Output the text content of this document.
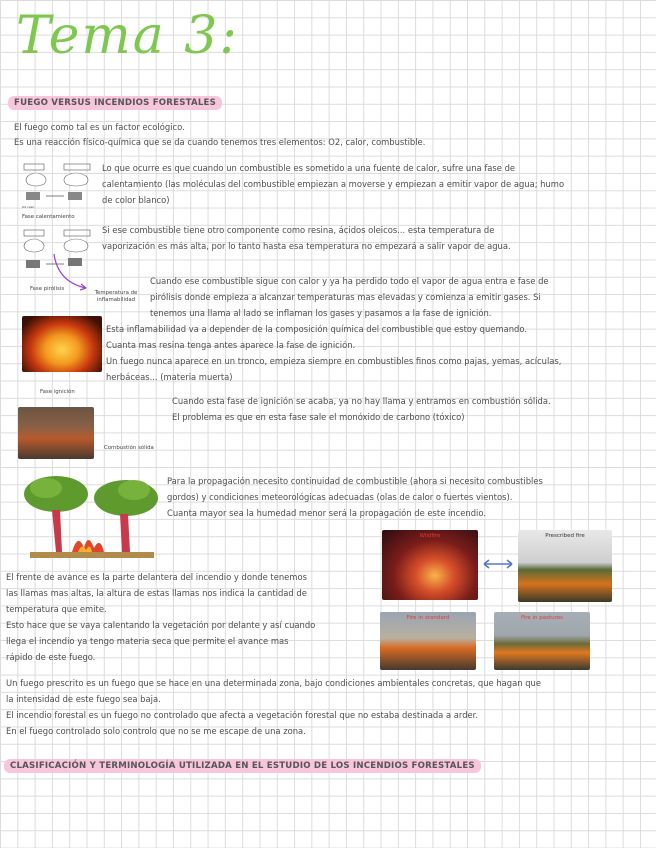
Tema 3:
FUEGO VERSUS INCENDIOS FORESTALES
El fuego como tal es un factor ecológico.
Es una reacción físico-química que se da cuando tenemos tres elementos: O2, calor, combustible.
O2 calor
Fase calentamiento
Lo que ocurre es que cuando un combustible es sometido a una fuente de calor, sufre una fase de
calentamiento (las moléculas del combustible empiezan a moverse y empiezan a emitir vapor de agua; humo
de color blanco)
Fase pirólisis
Temperatura de inflamabilidad
Si ese combustible tiene otro componente como resina, ácidos oleicos... esta temperatura de
vaporización es más alta, por lo tanto hasta esa temperatura no empezará a salir vapor de agua.
Cuando ese combustible sigue con calor y ya ha perdido todo el vapor de agua entra e fase de
pirólisis donde empieza a alcanzar temperaturas mas elevadas y comienza a emitir gases. Si
tenemos una llama al lado se inflaman los gases y pasamos a la fase de ignición.
Fase ignición
Esta inflamabilidad va a depender de la composición química del combustible que estoy quemando.
Cuanta mas resina tenga antes aparece la fase de ignición.
Un fuego nunca aparece en un tronco, empieza siempre en combustibles finos como pajas, yemas, acículas,
herbáceas... (materia muerta)
Combustión sólida
Cuando esta fase de ignición se acaba, ya no hay llama y entramos en combustión sólida.
El problema es que en esta fase sale el monóxido de carbono (tóxico)
Para la propagación necesito continuidad de combustible (ahora si necesito combustibles
gordos) y condiciones meteorológicas adecuadas (olas de calor o fuertes vientos).
Cuanta mayor sea la humedad menor será la propagación de este incendio.
Wildfire	Prescribed fire
Fire in standard	Fire in pastures
El frente de avance es la parte delantera del incendio y donde tenemos
las llamas mas altas, la altura de estas llamas nos indica la cantidad de
temperatura que emite.
Esto hace que se vaya calentando la vegetación por delante y así cuando
llega el incendio ya tengo materia seca que permite el avance mas
rápido de este fuego.
Un fuego prescrito es un fuego que se hace en una determinada zona, bajo condiciones ambientales concretas, que hagan que
la intensidad de este fuego sea baja.
El incendio forestal es un fuego no controlado que afecta a vegetación forestal que no estaba destinada a arder.
En el fuego controlado solo controlo que no se me escape de una zona.
CLASIFICACIÓN Y TERMINOLOGÍA UTILIZADA EN EL ESTUDIO DE LOS INCENDIOS FORESTALES
